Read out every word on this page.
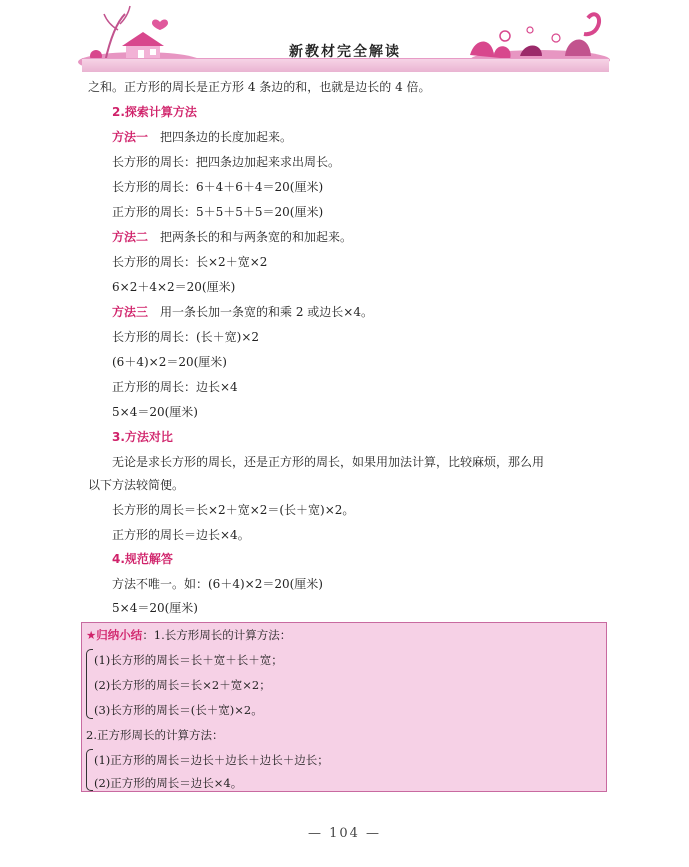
新教材完全解读
之和。正方形的周长是正方形 4 条边的和，也就是边长的 4 倍。
2.探索计算方法
方法一 把四条边的长度加起来。
长方形的周长：把四条边加起来求出周长。
长方形的周长：6＋4＋6＋4＝20(厘米)
正方形的周长：5＋5＋5＋5＝20(厘米)
方法二 把两条长的和与两条宽的和加起来。
长方形的周长：长×2＋宽×2
6×2＋4×2＝20(厘米)
方法三 用一条长加一条宽的和乘 2 或边长×4。
长方形的周长：(长＋宽)×2
(6＋4)×2＝20(厘米)
正方形的周长：边长×4
5×4＝20(厘米)
3.方法对比
无论是求长方形的周长，还是正方形的周长，如果用加法计算，比较麻烦，那么用
以下方法较简便。
长方形的周长＝长×2＋宽×2＝(长＋宽)×2。
正方形的周长＝边长×4。
4.规范解答
方法不唯一。如：(6＋4)×2＝20(厘米)
5×4＝20(厘米)
★归纳小结：1.长方形周长的计算方法：
(1)长方形的周长＝长＋宽＋长＋宽；
(2)长方形的周长＝长×2＋宽×2；
(3)长方形的周长＝(长＋宽)×2。
2.正方形周长的计算方法：
(1)正方形的周长＝边长＋边长＋边长＋边长；
(2)正方形的周长＝边长×4。
— 104 —
